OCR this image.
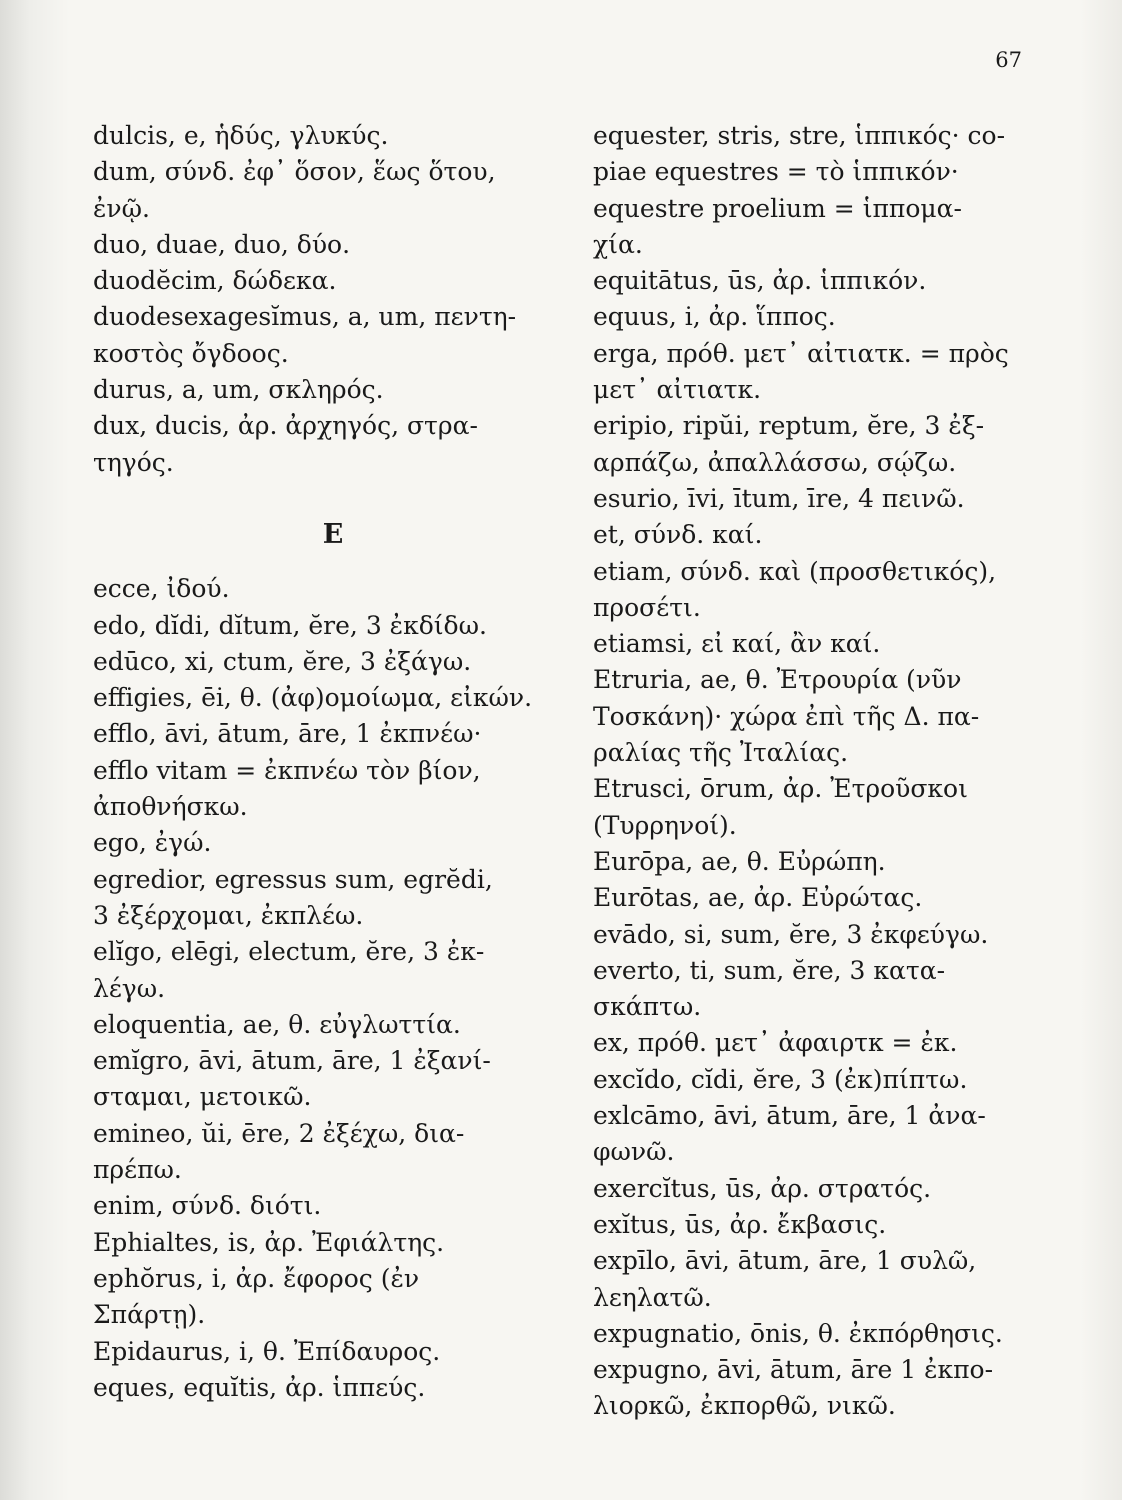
67
dulcis, e, ἡδύς, γλυκύς.
dum, σύνδ. ἐφ᾽ ὅσον, ἕως ὅτου,
ἐνῷ.
duo, duae, duo, δύο.
duodĕcim, δώδεκα.
duodesexagesĭmus, a, um, πεντη-
κοστὸς ὄγδοος.
durus, a, um, σκληρός.
dux, ducis, ἀρ. ἀρχηγός, στρα-
τηγός.
E
ecce, ἰδού.
edo, dĭdi, dĭtum, ĕre, 3 ἐκδίδω.
edūco, xi, ctum, ĕre, 3 ἐξάγω.
effigies, ēi, θ. (ἀφ)ομοίωμα, εἰκών.
efflo, āvi, ātum, āre, 1 ἐκπνέω·
efflo vitam = ἐκπνέω τὸν βίον,
ἀποθνήσκω.
ego, ἐγώ.
egredior, egressus sum, egrĕdi,
3 ἐξέρχομαι, ἐκπλέω.
elĭgo, elēgi, electum, ĕre, 3 ἐκ-
λέγω.
eloquentia, ae, θ. εὐγλωττία.
emĭgro, āvi, ātum, āre, 1 ἐξανί-
σταμαι, μετοικῶ.
emineo, ŭi, ēre, 2 ἐξέχω, δια-
πρέπω.
enim, σύνδ. διότι.
Ephialtes, is, ἀρ. Ἐφιάλτης.
ephŏrus, i, ἀρ. ἔφορος (ἐν
Σπάρτῃ).
Epidaurus, i, θ. Ἐπίδαυρος.
eques, equĭtis, ἀρ. ἱππεύς.
equester, stris, stre, ἱππικός· co-
piae equestres = τὸ ἱππικόν·
equestre proelium = ἱππομα-
χία.
equitātus, ūs, ἀρ. ἱππικόν.
equus, i, ἀρ. ἵππος.
erga, πρόθ. μετ᾽ αἰτιατκ. = πρὸς
μετ᾽ αἰτιατκ.
eripio, ripŭi, reptum, ĕre, 3 ἐξ-
αρπάζω, ἀπαλλάσσω, σῴζω.
esurio, īvi, ītum, īre, 4 πεινῶ.
et, σύνδ. καί.
etiam, σύνδ. καὶ (προσθετικός),
προσέτι.
etiamsi, εἰ καί, ἂν καί.
Etruria, ae, θ. Ἐτρουρία (νῦν
Τοσκάνη)· χώρα ἐπὶ τῆς Δ. πα-
ραλίας τῆς Ἰταλίας.
Etrusci, ōrum, ἀρ. Ἐτροῦσκοι
(Τυρρηνοί).
Eurōpa, ae, θ. Εὐρώπη.
Eurōtas, ae, ἀρ. Εὐρώτας.
evādo, si, sum, ĕre, 3 ἐκφεύγω.
everto, ti, sum, ĕre, 3 κατα-
σκάπτω.
ex, πρόθ. μετ᾽ ἀφαιρτκ = ἐκ.
excĭdo, cĭdi, ĕre, 3 (ἐκ)πίπτω.
exlcāmo, āvi, ātum, āre, 1 ἀνα-
φωνῶ.
exercĭtus, ūs, ἀρ. στρατός.
exĭtus, ūs, ἀρ. ἔκβασις.
expīlo, āvi, ātum, āre, 1 συλῶ,
λεηλατῶ.
expugnatio, ōnis, θ. ἐκπόρθησις.
expugno, āvi, ātum, āre 1 ἐκπο-
λιορκῶ, ἐκπορθῶ, νικῶ.
